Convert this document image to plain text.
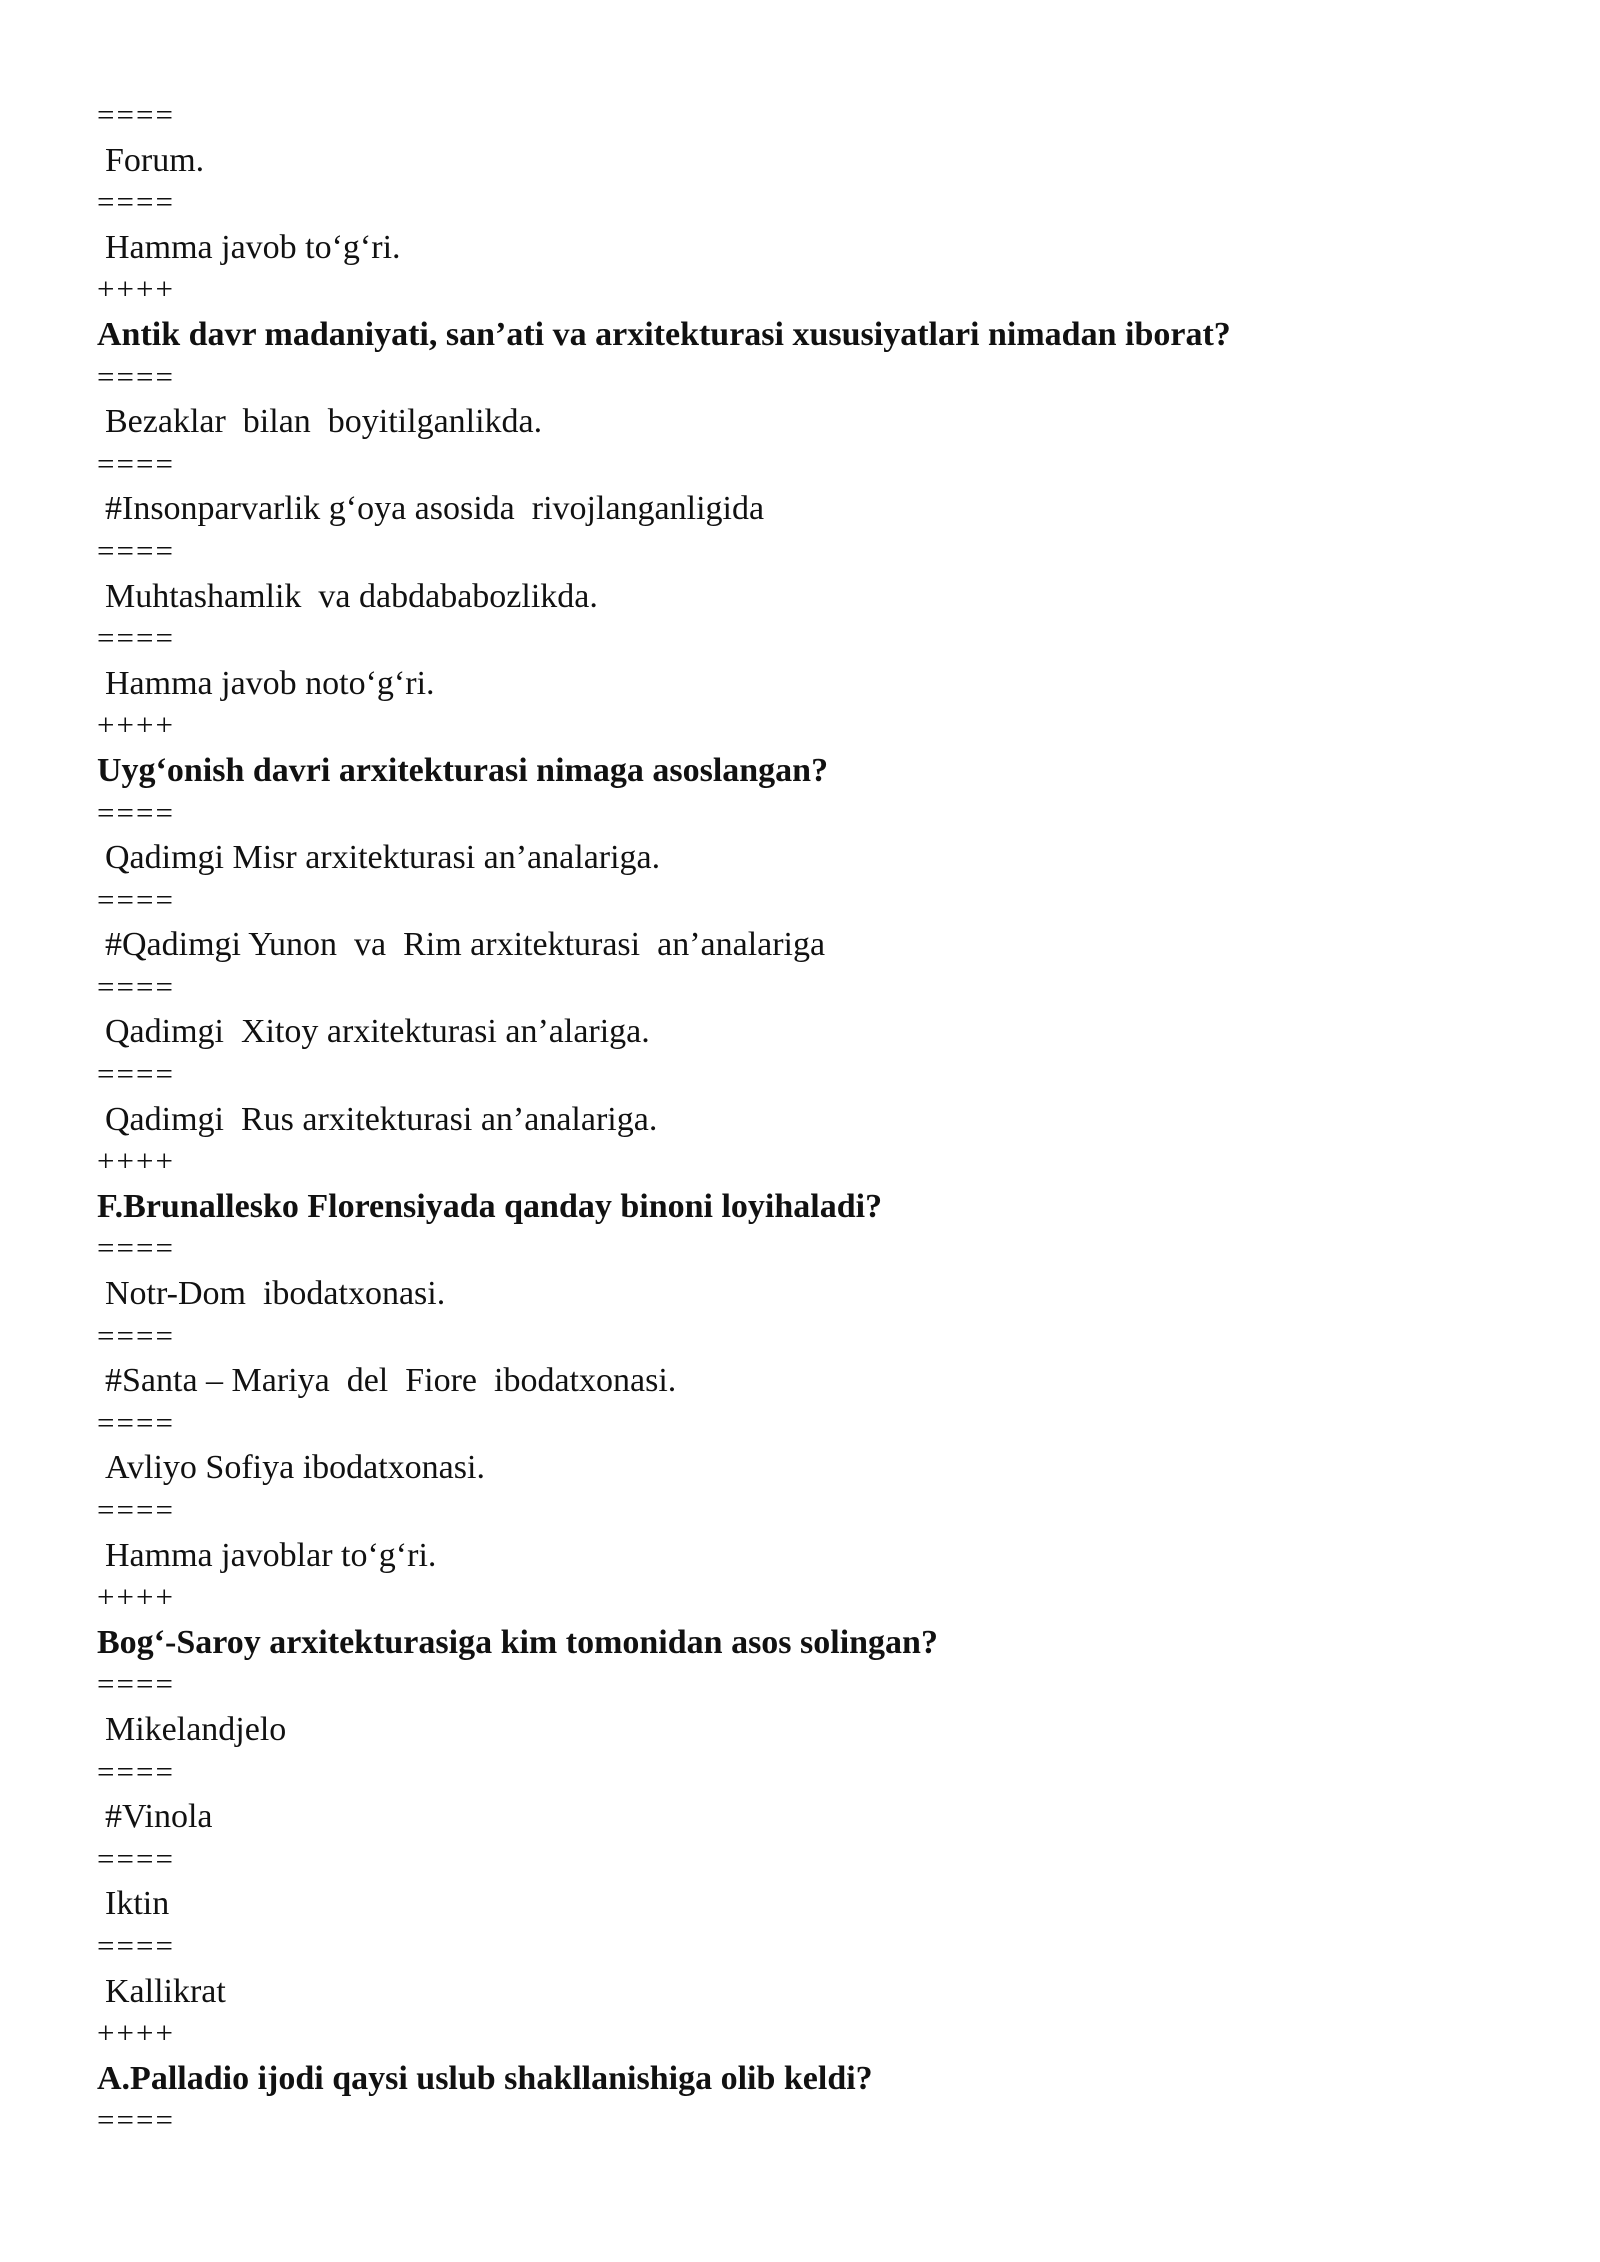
====
Forum.
====
Hamma javob to‘g‘ri.
++++
Antik davr madaniyati, san’ati va arxitekturasi xususiyatlari nimadan iborat?
====
Bezaklar  bilan  boyitilganlikda.
====
#Insonparvarlik g‘oya asosida  rivojlanganligida
====
Muhtashamlik  va dabdababozlikda.
====
Hamma javob noto‘g‘ri.
++++
Uyg‘onish davri arxitekturasi nimaga asoslangan?
====
Qadimgi Misr arxitekturasi an’analariga.
====
#Qadimgi Yunon  va  Rim arxitekturasi  an’analariga
====
Qadimgi  Xitoy arxitekturasi an’alariga.
====
Qadimgi  Rus arxitekturasi an’analariga.
++++
F.Brunallesko Florensiyada qanday binoni loyihaladi?
====
Notr-Dom  ibodatxonasi.
====
#Santa – Mariya  del  Fiore  ibodatxonasi.
====
Avliyo Sofiya ibodatxonasi.
====
Hamma javoblar to‘g‘ri.
++++
Bog‘-Saroy arxitekturasiga kim tomonidan asos solingan?
====
Mikelandjelo
====
#Vinola
====
Iktin
====
Kallikrat
++++
A.Palladio ijodi qaysi uslub shakllanishiga olib keldi?
====
